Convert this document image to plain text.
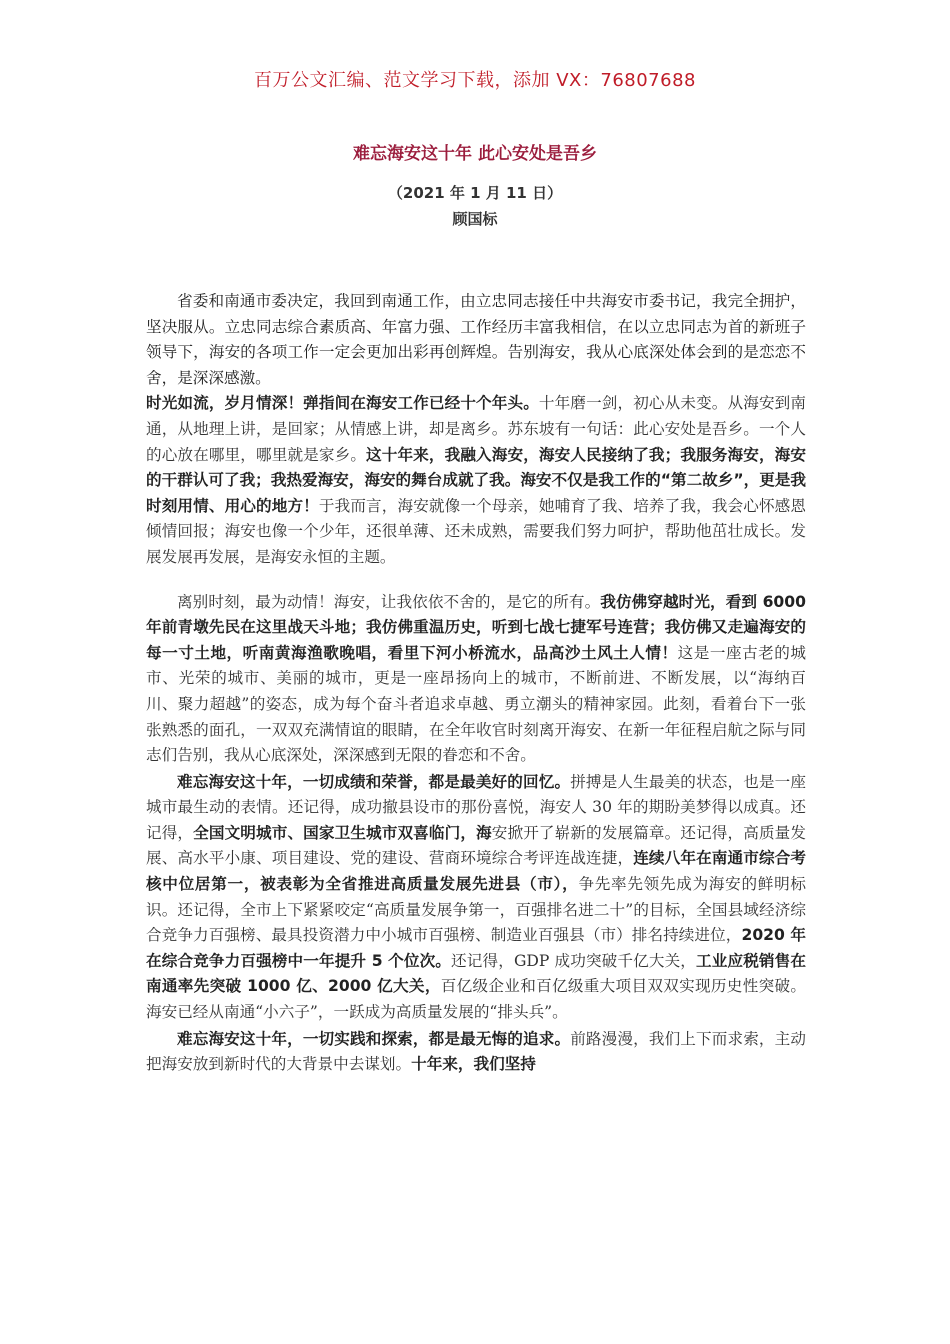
百万公文汇编、范文学习下载，添加 VX：76807688
难忘海安这十年 此心安处是吾乡
（2021 年 1 月 11 日）
顾国标

省委和南通市委决定，我回到南通工作，由立忠同志接任中共海安市委书记，我完全拥护，坚决服从。立忠同志综合素质高、年富力强、工作经历丰富我相信，在以立忠同志为首的新班子领导下，海安的各项工作一定会更加出彩再创辉煌。告别海安，我从心底深处体会到的是恋恋不舍，是深深感激。

时光如流，岁月情深！弹指间在海安工作已经十个年头。十年磨一剑，初心从未变。从海安到南通，从地理上讲，是回家；从情感上讲，却是离乡。苏东坡有一句话：此心安处是吾乡。一个人的心放在哪里，哪里就是家乡。这十年来，我融入海安，海安人民接纳了我；我服务海安，海安的干群认可了我；我热爱海安，海安的舞台成就了我。海安不仅是我工作的“第二故乡”，更是我时刻用情、用心的地方！于我而言，海安就像一个母亲，她哺育了我、培养了我，我会心怀感恩倾情回报；海安也像一个少年，还很单薄、还未成熟，需要我们努力呵护，帮助他茁壮成长。发展发展再发展，是海安永恒的主题。

离别时刻，最为动情！海安，让我依依不舍的，是它的所有。我仿佛穿越时光，看到 6000 年前青墩先民在这里战天斗地；我仿佛重温历史，听到七战七捷军号连营；我仿佛又走遍海安的每一寸土地，听南黄海渔歌晚唱，看里下河小桥流水，品高沙土风土人情！这是一座古老的城市、光荣的城市、美丽的城市，更是一座昂扬向上的城市，不断前进、不断发展，以“海纳百川、聚力超越”的姿态，成为每个奋斗者追求卓越、勇立潮头的精神家园。此刻，看着台下一张张熟悉的面孔，一双双充满情谊的眼睛，在全年收官时刻离开海安、在新一年征程启航之际与同志们告别，我从心底深处，深深感到无限的眷恋和不舍。

难忘海安这十年，一切成绩和荣誉，都是最美好的回忆。拼搏是人生最美的状态，也是一座城市最生动的表情。还记得，成功撤县设市的那份喜悦，海安人 30 年的期盼美梦得以成真。还记得，全国文明城市、国家卫生城市双喜临门，海安掀开了崭新的发展篇章。还记得，高质量发展、高水平小康、项目建设、党的建设、营商环境综合考评连战连捷，连续八年在南通市综合考核中位居第一，被表彰为全省推进高质量发展先进县（市），争先率先领先成为海安的鲜明标识。还记得，全市上下紧紧咬定“高质量发展争第一，百强排名进二十”的目标，全国县域经济综合竞争力百强榜、最具投资潜力中小城市百强榜、制造业百强县（市）排名持续进位，2020 年在综合竞争力百强榜中一年提升 5 个位次。还记得，GDP 成功突破千亿大关，工业应税销售在南通率先突破 1000 亿、2000 亿大关，百亿级企业和百亿级重大项目双双实现历史性突破。海安已经从南通“小六子”，一跃成为高质量发展的“排头兵”。

难忘海安这十年，一切实践和探索，都是最无悔的追求。前路漫漫，我们上下而求索，主动把海安放到新时代的大背景中去谋划。十年来，我们坚持
